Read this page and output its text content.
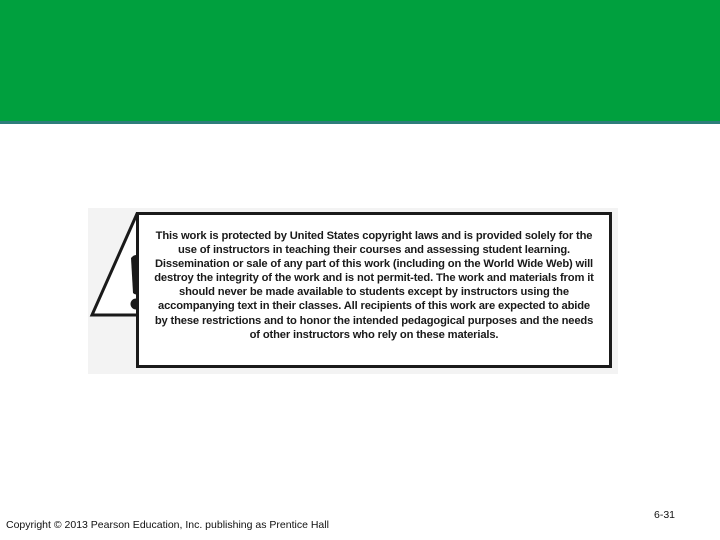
This work is protected by United States copyright laws and is provided solely for the use of instructors in teaching their courses and assessing student learning. Dissemination or sale of any part of this work (including on the World Wide Web) will destroy the integrity of the work and is not permit-ted. The work and materials from it should never be made available to students except by instructors using the accompanying text in their classes. All recipients of this work are expected to abide by these restrictions and to honor the intended pedagogical purposes and the needs of other instructors who rely on these materials.
Copyright © 2013 Pearson Education, Inc. publishing as Prentice Hall
6-31
